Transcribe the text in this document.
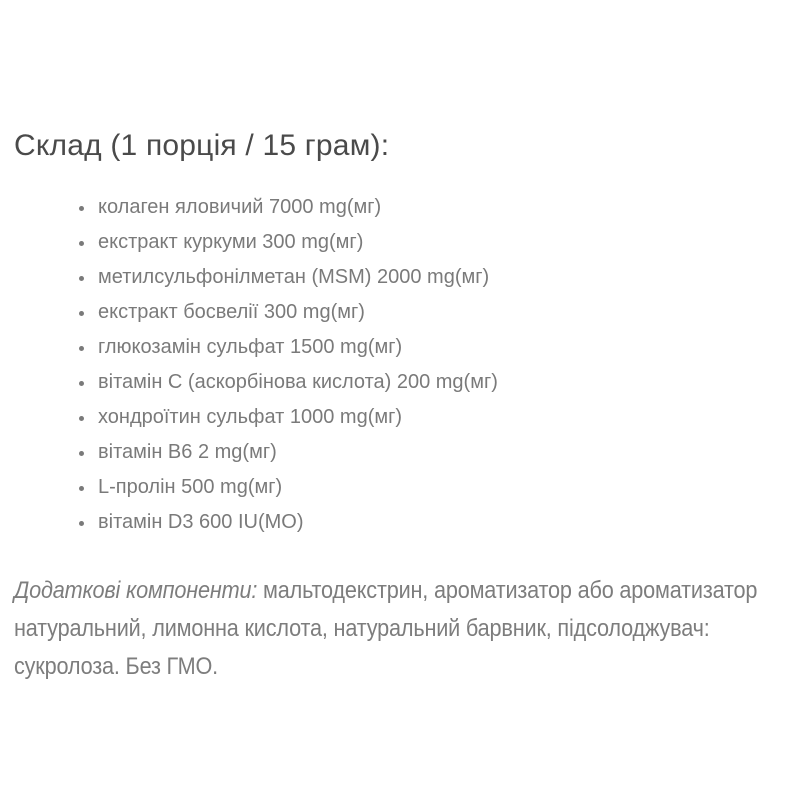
Склад (1 порція / 15 грам):
• колаген яловичий 7000 mg(мг)
• екстракт куркуми 300 mg(мг)
• метилсульфонілметан (MSM) 2000 mg(мг)
• екстракт босвелії 300 mg(мг)
• глюкозамін сульфат 1500 mg(мг)
• вітамін C (аскорбінова кислота) 200 mg(мг)
• хондроїтин сульфат 1000 mg(мг)
• вітамін B6 2 mg(мг)
• L-пролін 500 mg(мг)
• вітамін D3 600 IU(МО)

Додаткові компоненти: мальтодекстрин, ароматизатор або ароматизатор натуральний, лимонна кислота, натуральний барвник, підсолоджувач: сукролоза. Без ГМО.
